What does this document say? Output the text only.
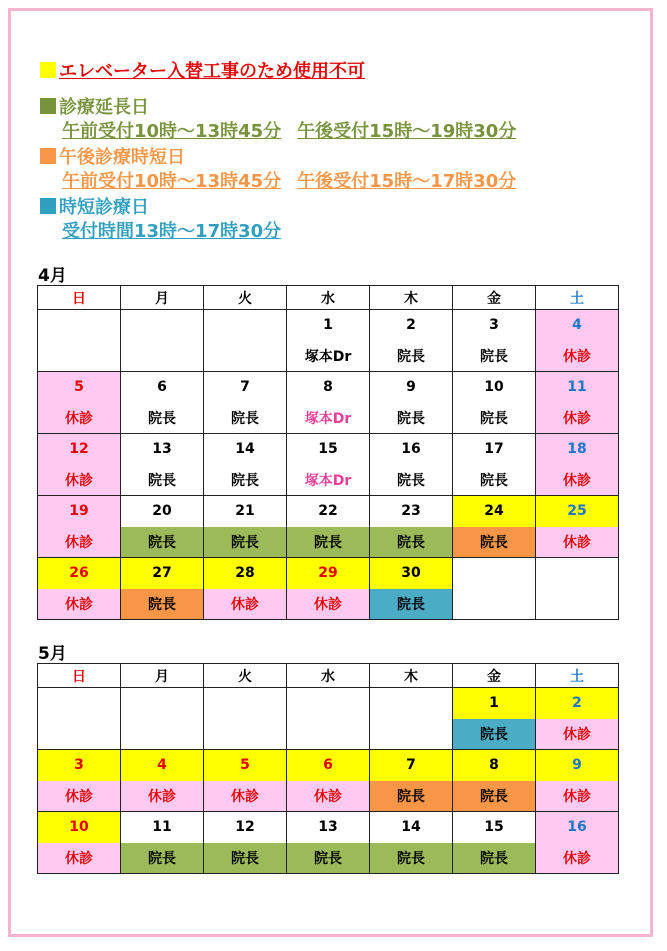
エレベーター入替工事のため使用不可
診療延長日
午前受付10時～13時45分 午後受付15時～19時30分
午後診療時短日
午前受付10時～13時45分 午後受付15時～17時30分
時短診療日
受付時間13時～17時30分
4月
日	月	火	水	木	金	土
			1	2	3	4
			塚本Dr	院長	院長	休診
5	6	7	8	9	10	11
休診	院長	院長	塚本Dr	院長	院長	休診
12	13	14	15	16	17	18
休診	院長	院長	塚本Dr	院長	院長	休診
19	20	21	22	23	24	25
休診	院長	院長	院長	院長	院長	休診
26	27	28	29	30		
休診	院長	休診	休診	院長		
5月
日	月	火	水	木	金	土
					1	2
					院長	休診
3	4	5	6	7	8	9
休診	休診	休診	休診	院長	院長	休診
10	11	12	13	14	15	16
休診	院長	院長	院長	院長	院長	休診
